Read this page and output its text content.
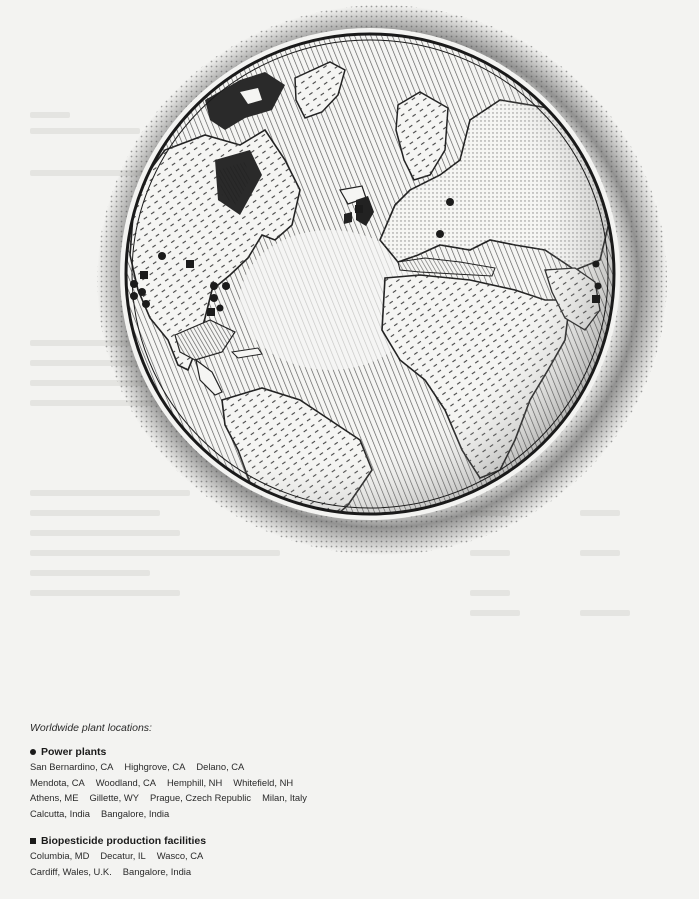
Worldwide plant locations:
Power plants
San Bernardino, CA Highgrove, CA Delano, CA
Mendota, CA Woodland, CA Hemphill, NH Whitefield, NH
Athens, ME Gillette, WY Prague, Czech Republic Milan, Italy
Calcutta, India Bangalore, India
Biopesticide production facilities
Columbia, MD Decatur, IL Wasco, CA
Cardiff, Wales, U.K. Bangalore, India
